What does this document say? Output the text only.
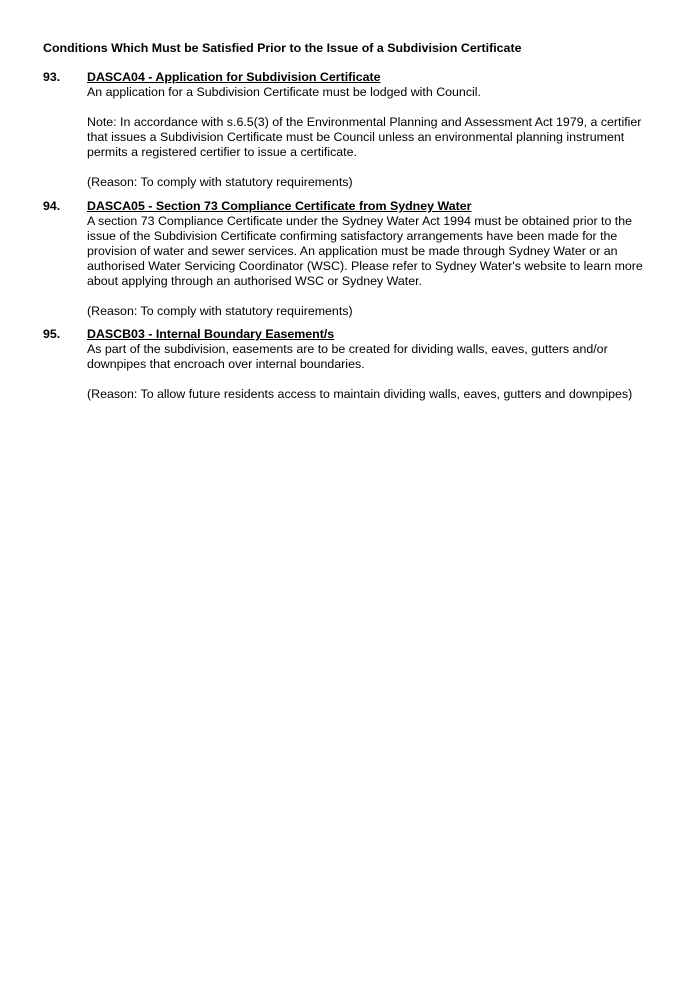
Conditions Which Must be Satisfied Prior to the Issue of a Subdivision Certificate
93. DASCA04 - Application for Subdivision Certificate

An application for a Subdivision Certificate must be lodged with Council.

Note: In accordance with s.6.5(3) of the Environmental Planning and Assessment Act 1979, a certifier that issues a Subdivision Certificate must be Council unless an environmental planning instrument permits a registered certifier to issue a certificate.

(Reason: To comply with statutory requirements)

94. DASCA05 - Section 73 Compliance Certificate from Sydney Water

A section 73 Compliance Certificate under the Sydney Water Act 1994 must be obtained prior to the issue of the Subdivision Certificate confirming satisfactory arrangements have been made for the provision of water and sewer services. An application must be made through Sydney Water or an authorised Water Servicing Coordinator (WSC). Please refer to Sydney Water's website to learn more about applying through an authorised WSC or Sydney Water.

(Reason: To comply with statutory requirements)

95. DASCB03 - Internal Boundary Easement/s

As part of the subdivision, easements are to be created for dividing walls, eaves, gutters and/or downpipes that encroach over internal boundaries.

(Reason: To allow future residents access to maintain dividing walls, eaves, gutters and downpipes)
